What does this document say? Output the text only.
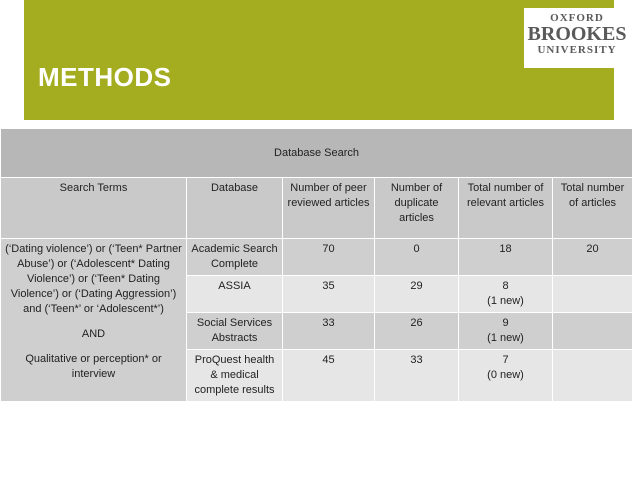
METHODS
OXFORD
BROOKES
UNIVERSITY
Database Search					
Search Terms	Database	Number of peer reviewed articles	Number of duplicate articles	Total number of relevant articles	Total number of articles
(‘Dating violence’) or (‘Teen* Partner Abuse’) or (‘Adolescent* Dating Violence’) or (‘Teen* Dating Violence’) or (‘Dating Aggression’) and (‘Teen*’ or ‘Adolescent*’)
AND
Qualitative or perception* or interview	Academic Search Complete	70	0	18	20
	ASSIA	35	29	8
(1 new)	
	Social Services Abstracts	33	26	9
(1 new)	
	ProQuest health & medical complete results	45	33	7
(0 new)	
